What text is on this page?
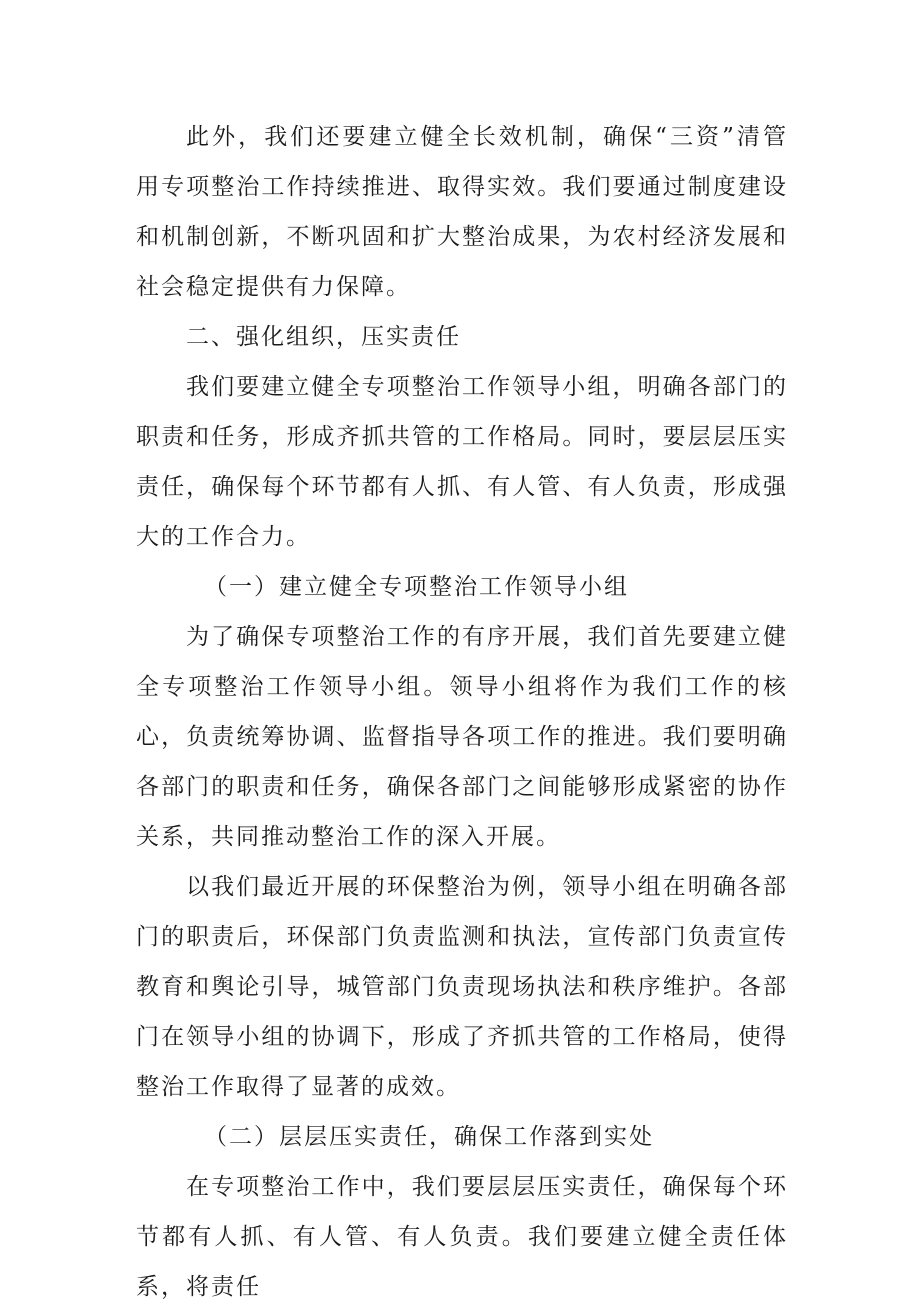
此外，我们还要建立健全长效机制，确保“三资”清管用专项整治工作持续推进、取得实效。我们要通过制度建设和机制创新，不断巩固和扩大整治成果，为农村经济发展和社会稳定提供有力保障。

二、强化组织，压实责任

我们要建立健全专项整治工作领导小组，明确各部门的职责和任务，形成齐抓共管的工作格局。同时，要层层压实责任，确保每个环节都有人抓、有人管、有人负责，形成强大的工作合力。

（一）建立健全专项整治工作领导小组

为了确保专项整治工作的有序开展，我们首先要建立健全专项整治工作领导小组。领导小组将作为我们工作的核心，负责统筹协调、监督指导各项工作的推进。我们要明确各部门的职责和任务，确保各部门之间能够形成紧密的协作关系，共同推动整治工作的深入开展。

以我们最近开展的环保整治为例，领导小组在明确各部门的职责后，环保部门负责监测和执法，宣传部门负责宣传教育和舆论引导，城管部门负责现场执法和秩序维护。各部门在领导小组的协调下，形成了齐抓共管的工作格局，使得整治工作取得了显著的成效。

（二）层层压实责任，确保工作落到实处

在专项整治工作中，我们要层层压实责任，确保每个环节都有人抓、有人管、有人负责。我们要建立健全责任体系，将责任
